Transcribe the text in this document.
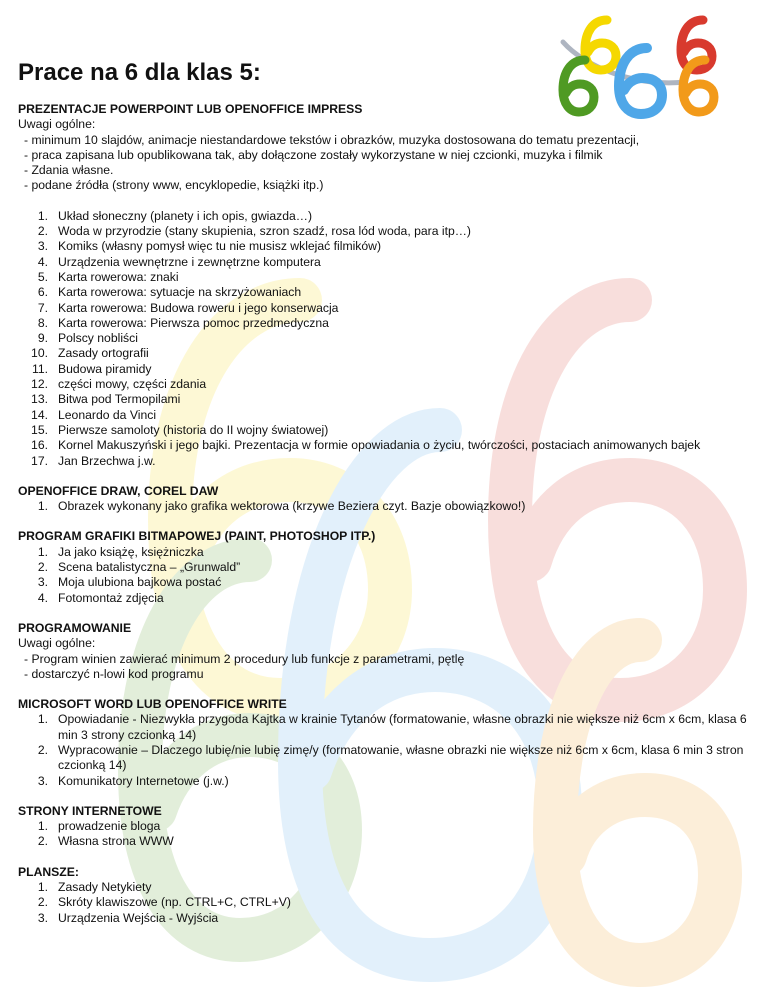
Prace na 6 dla klas 5:
PREZENTACJE POWERPOINT LUB OPENOFFICE IMPRESS
Uwagi ogólne:
- minimum 10 slajdów, animacje niestandardowe tekstów i obrazków, muzyka dostosowana do tematu prezentacji,
- praca zapisana lub opublikowana tak, aby dołączone zostały wykorzystane w niej czcionki, muzyka i filmik
- Zdania własne.
- podane źródła (strony www, encyklopedie, książki itp.)
1. Układ słoneczny (planety i ich opis, gwiazda…)
2. Woda w przyrodzie (stany skupienia, szron szadź, rosa lód woda, para itp…)
3. Komiks (własny pomysł więc tu nie musisz wklejać filmików)
4. Urządzenia wewnętrzne i zewnętrzne komputera
5. Karta rowerowa: znaki
6. Karta rowerowa: sytuacje na skrzyżowaniach
7. Karta rowerowa: Budowa roweru i jego konserwacja
8. Karta rowerowa: Pierwsza pomoc przedmedyczna
9. Polscy nobliści
10. Zasady ortografii
11. Budowa piramidy
12. części mowy, części zdania
13. Bitwa pod Termopilami
14. Leonardo da Vinci
15. Pierwsze samoloty (historia do II wojny światowej)
16. Kornel Makuszyński i jego bajki. Prezentacja w formie opowiadania o życiu, twórczości, postaciach animowanych bajek
17. Jan Brzechwa j.w.
OPENOFFICE DRAW, COREL DAW
1. Obrazek wykonany jako grafika wektorowa (krzywe Beziera czyt. Bazje obowiązkowo!)
PROGRAM GRAFIKI BITMAPOWEJ (PAINT, PHOTOSHOP ITP.)
1. Ja jako książę, księżniczka
2. Scena batalistyczna – „Grunwald”
3. Moja ulubiona bajkowa postać
4. Fotomontaż zdjęcia
PROGRAMOWANIE
Uwagi ogólne:
- Program winien zawierać minimum 2 procedury lub funkcje z parametrami, pętlę
- dostarczyć n-lowi kod programu
MICROSOFT WORD LUB OPENOFFICE WRITE
1. Opowiadanie - Niezwykła przygoda Kajtka w krainie Tytanów (formatowanie, własne obrazki nie większe niż 6cm x 6cm, klasa 6 min 3 strony czcionką 14)
2. Wypracowanie – Dlaczego lubię/nie lubię zimę/y (formatowanie, własne obrazki nie większe niż 6cm x 6cm, klasa 6 min 3 stron czcionką 14)
3. Komunikatory Internetowe (j.w.)
STRONY INTERNETOWE
1. prowadzenie bloga
2. Własna strona WWW
PLANSZE:
1. Zasady Netykiety
2. Skróty klawiszowe (np. CTRL+C, CTRL+V)
3. Urządzenia Wejścia - Wyjścia
